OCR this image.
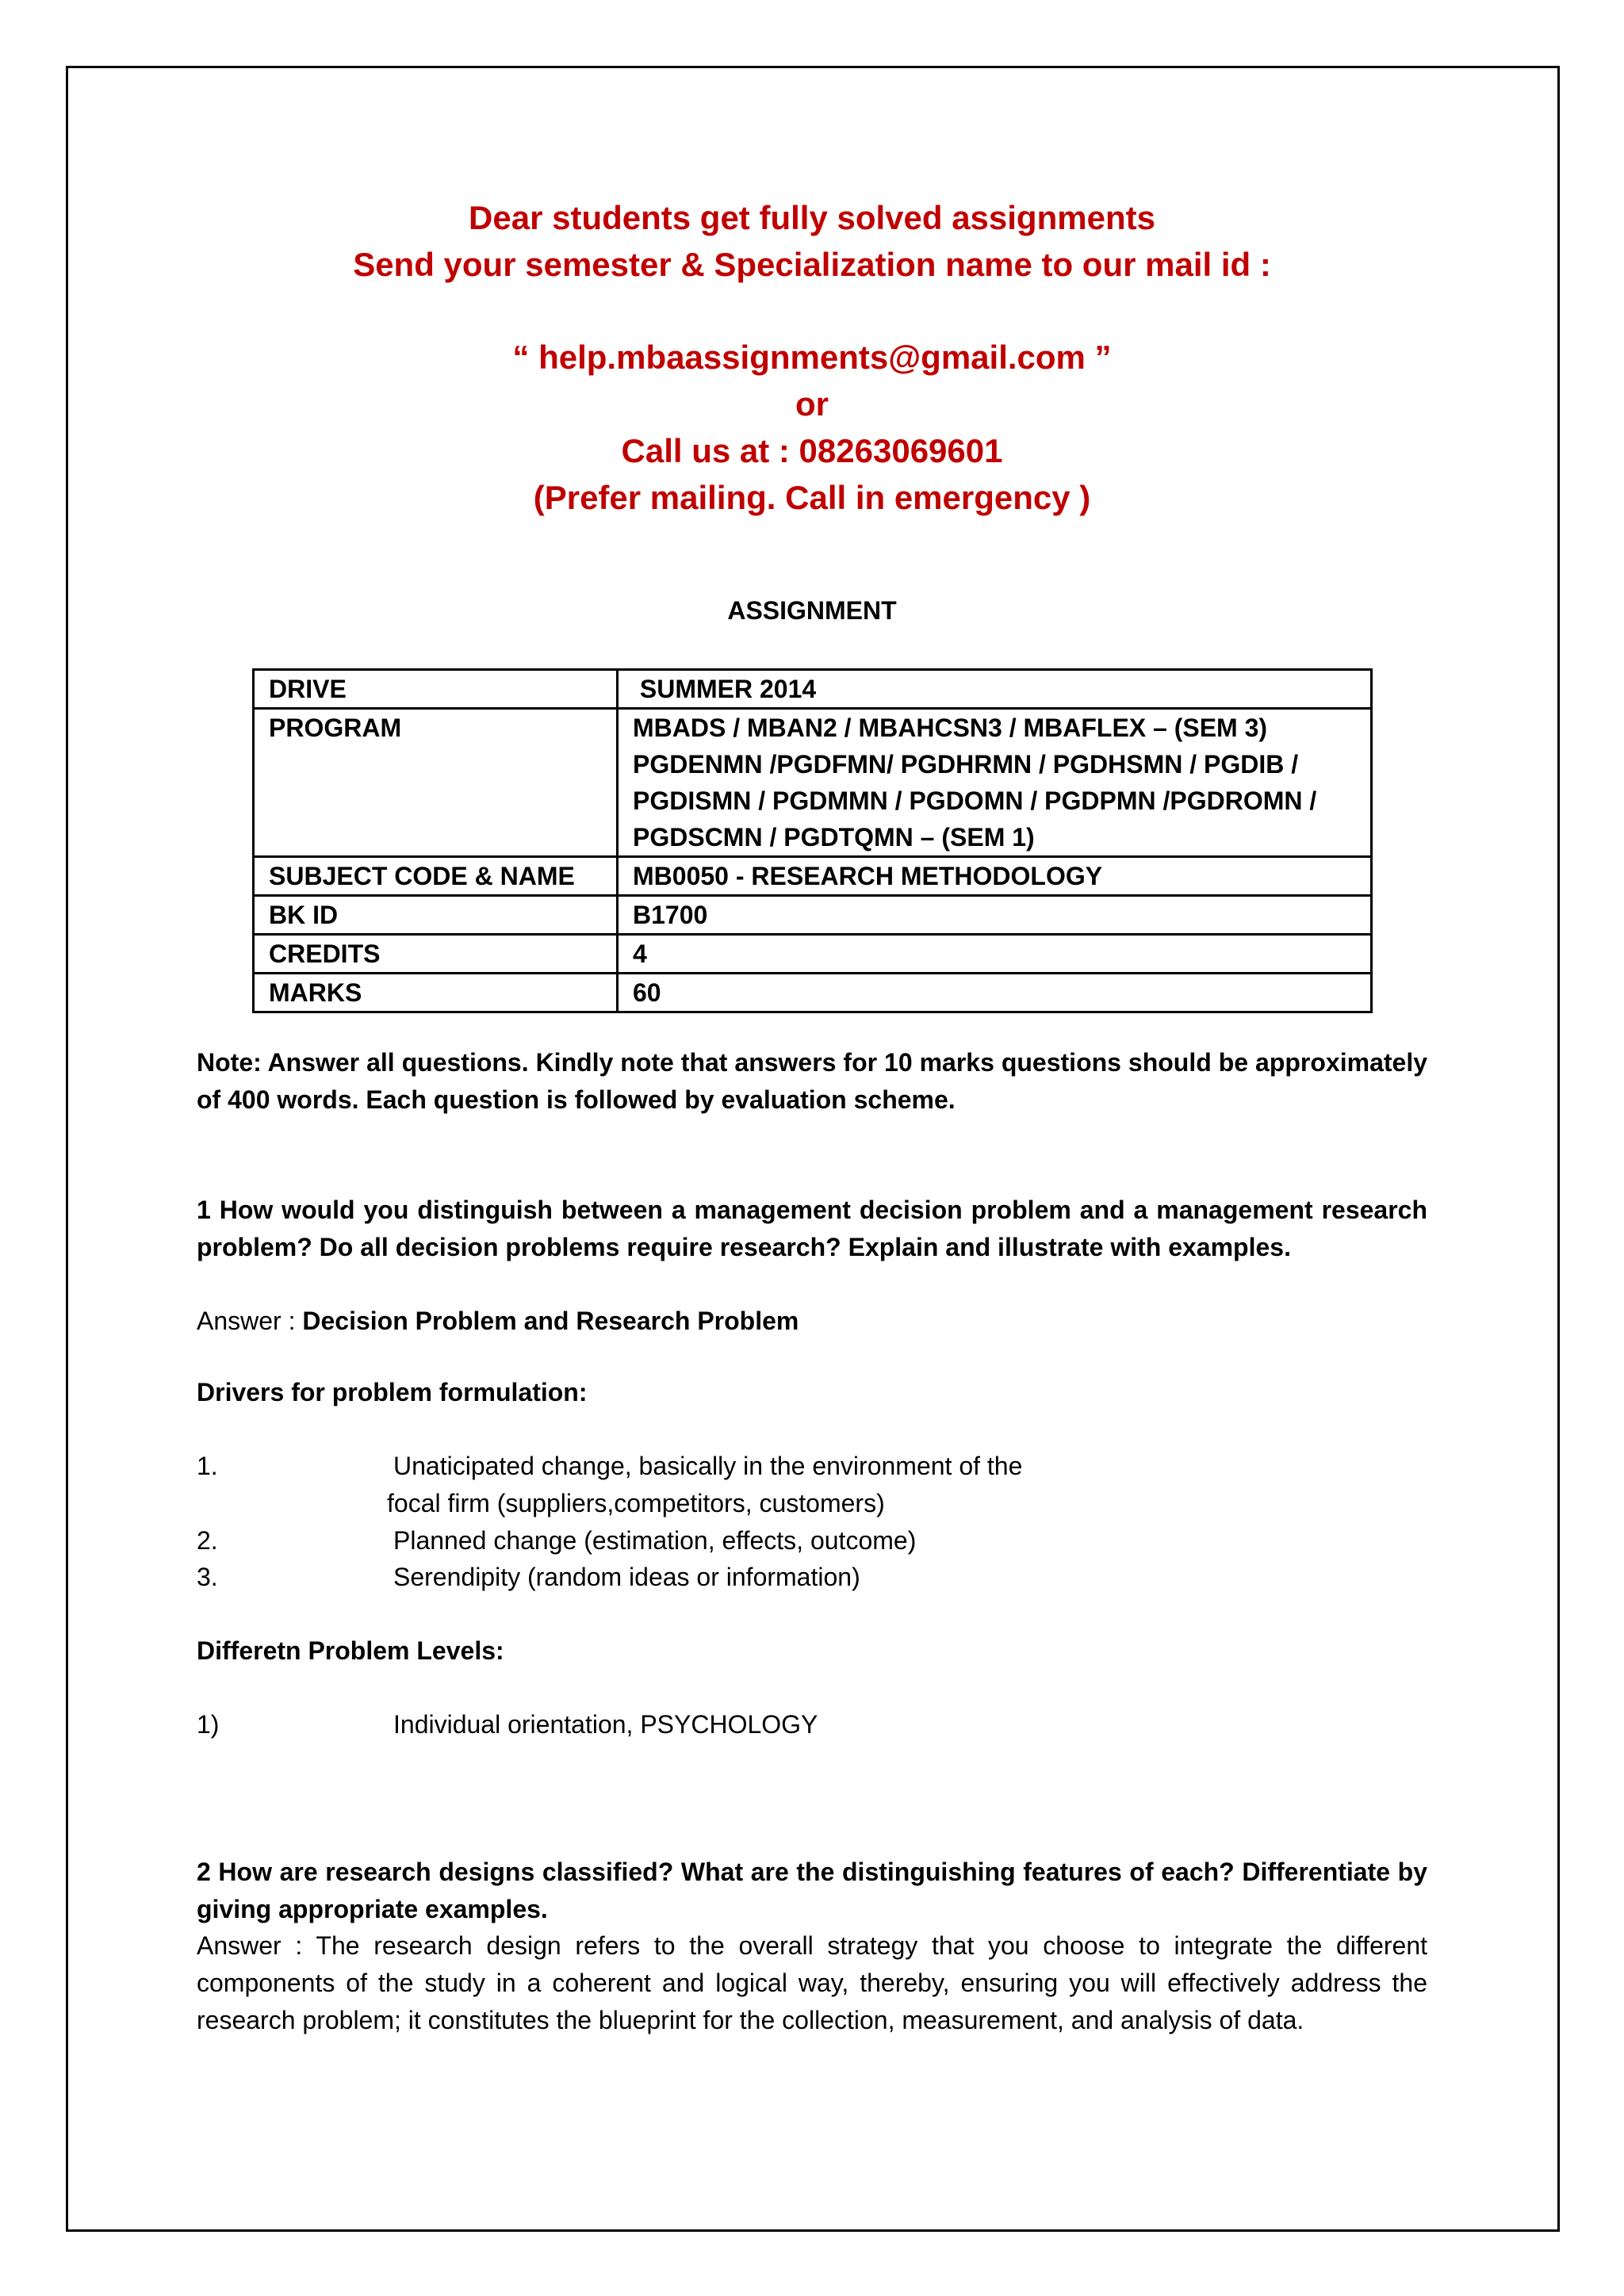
Dear students get fully solved assignments
Send your semester & Specialization name to our mail id :
“ help.mbaassignments@gmail.com ”
or
Call us at : 08263069601
(Prefer mailing. Call in emergency )
ASSIGNMENT
DRIVE	SUMMER 2014
PROGRAM	MBADS / MBAN2 / MBAHCSN3 / MBAFLEX – (SEM 3) PGDENMN /PGDFMN/ PGDHRMN / PGDHSMN / PGDIB / PGDISMN / PGDMMN / PGDOMN / PGDPMN /PGDROMN / PGDSCMN / PGDTQMN – (SEM 1)
SUBJECT CODE & NAME	MB0050 - RESEARCH METHODOLOGY
BK ID	B1700
CREDITS	4
MARKS	60
Note: Answer all questions. Kindly note that answers for 10 marks questions should be approximately of 400 words. Each question is followed by evaluation scheme.
1 How would you distinguish between a management decision problem and a management research problem? Do all decision problems require research? Explain and illustrate with examples.
Answer : Decision Problem and Research Problem
Drivers for problem formulation:
1.	Unaticipated change, basically in the environment of the
focal firm (suppliers,competitors, customers)
2.	Planned change (estimation, effects, outcome)
3.	Serendipity (random ideas or information)
Differetn Problem Levels:
1)	Individual orientation, PSYCHOLOGY
2 How are research designs classified? What are the distinguishing features of each? Differentiate by giving appropriate examples.
Answer : The research design refers to the overall strategy that you choose to integrate the different components of the study in a coherent and logical way, thereby, ensuring you will effectively address the research problem; it constitutes the blueprint for the collection, measurement, and analysis of data.
